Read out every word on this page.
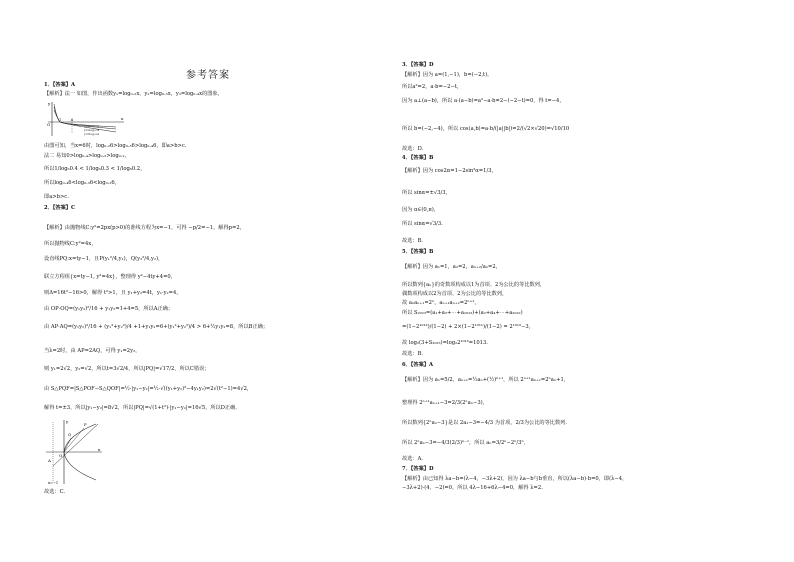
参考答案
1．【答案】A
【解析】法一 如图，作出函数y₁=log₀.₂x，y₂=log₀.₃x，y₃=log₀.₄x的图象，
y
O
1	6	x
y₁=log₀.₂x
y₂=log₀.₃x
y₃=log₀.₄x
由图可知，当x=6时，log₀.₂6>log₀.₃6>log₀.₄6，即a>b>c.
法二 易知0>log₀.₄>log₀.₃>log₀.₂，
所以1/log₆0.4 < 1/log₆0.3 < 1/log₆0.2，
所以log₀.₄6<log₀.₃6<log₀.₂6，
即a>b>c.
2．【答案】C
【解析】由抛物线C:y²=2px(p>0)的准线方程为x=−1，可得 −p/2=−1，解得p=2，
所以抛物线C:y²=4x，
设直线PQ:x=ty−1，且P(y₁²/4,y₁)，Q(y₂²/4,y₂)，
联立方程组{x=ty−1, y²=4x}，整理得 y²−4ty+4=0，
则Δ=16t²−16>0，解得 t²>1，且 y₁+y₂=4t，y₁·y₂=4，
由 OP·OQ=(y₁y₂)²/16 + y₁y₂=1+4=5，所以A正确；
由 AP·AQ=(y₁y₂)²/16 + (y₁²+y₂²)/4 +1+y₁y₂=6+(y₁²+y₂²)/4 > 6+½y₁y₂=8，所以B正确；
当λ=2时，由 AP=2AQ，可得 y₁=2y₂，
则 y₁=2√2，y₂=√2，所以t=3√2/4，所以|PQ|=√17/2，所以C错误；
由 S△PQF=|S△POF−S△QOF|=½·|y₁−y₂|=½·√((y₁+y₂)²−4y₁y₂)=2√(t²−1)=4√2，
解得 t=±3，所以|y₁−y₂|=8√2，所以|PQ|=√(1+t²)·|y₁−y₂|=16√5，所以D正确.
y
O
A
x
x=−1
Q
P
故选：C.
3．【答案】D
【解析】因为 a=(1,−1)，b=(−2,t)，
所以a²=2，a·b=−2−t，
因为 a⊥(a−b)，所以 a·(a−b)=a²−a·b=2−(−2−t)=0，得 t=−4，
所以 b=(−2,−4)，所以 cos⟨a,b⟩=a·b/(|a||b|)=2/(√2×√20)=√10/10
故选：D.
4．【答案】B
【解析】因为 cos2α=1−2sin²α=1/3，
所以 sinα=±√3/3，
因为 α∈(0,π)，
所以 sinα=√3/3.
故选：B.
5．【答案】B
【解析】因为 a₁=1，a₂=2，aₙ₊₂/aₙ=2，
所以数列{aₙ}的奇数项构成以1为首项、2为公比的等比数列，
偶数项构成以2为首项、2为公比的等比数列，
故 aₙaₙ₊₁=2ⁿ，aₙ₊₁aₙ₊₂=2ⁿ⁺¹，
所以 S₂₀₂₃=(a₁+a₃+⋯+a₂₀₂₃)+(a₂+a₄+⋯+a₂₀₂₂)
=(1−2¹⁰¹²)/(1−2) + 2×(1−2¹⁰¹¹)/(1−2) = 2¹⁰¹³−3，
故 log₂(3+S₂₀₂₃)=log₂2¹⁰¹³=1013.
故选：B.
6．【答案】A
【解析】因为 a₁=5/2，aₙ₊₁=½aₙ+(½)ⁿ⁺¹，所以 2ⁿ⁺¹aₙ₊₁=2ⁿaₙ+1，
整理得 2ⁿ⁺¹aₙ₊₁−3=2/3(2ⁿaₙ−3)，
所以数列{2ⁿaₙ−3}是以 2a₁−3=−4/3 为首项，2/3为公比的等比数列.
所以 2ⁿaₙ−3=−4/3(2/3)ⁿ⁻¹，所以 aₙ=3/2ⁿ−2ⁿ/3ⁿ，
故选：A.
7．【答案】D
【解析】由已知得 λa−b=(λ−4，−3λ+2)，因为 λa−b与b垂直，所以(λa−b)·b=0，即(λ−4，
−3λ+2)·(4，−2)=0，所以 4λ−16+6λ−4=0，解得 λ=2.
